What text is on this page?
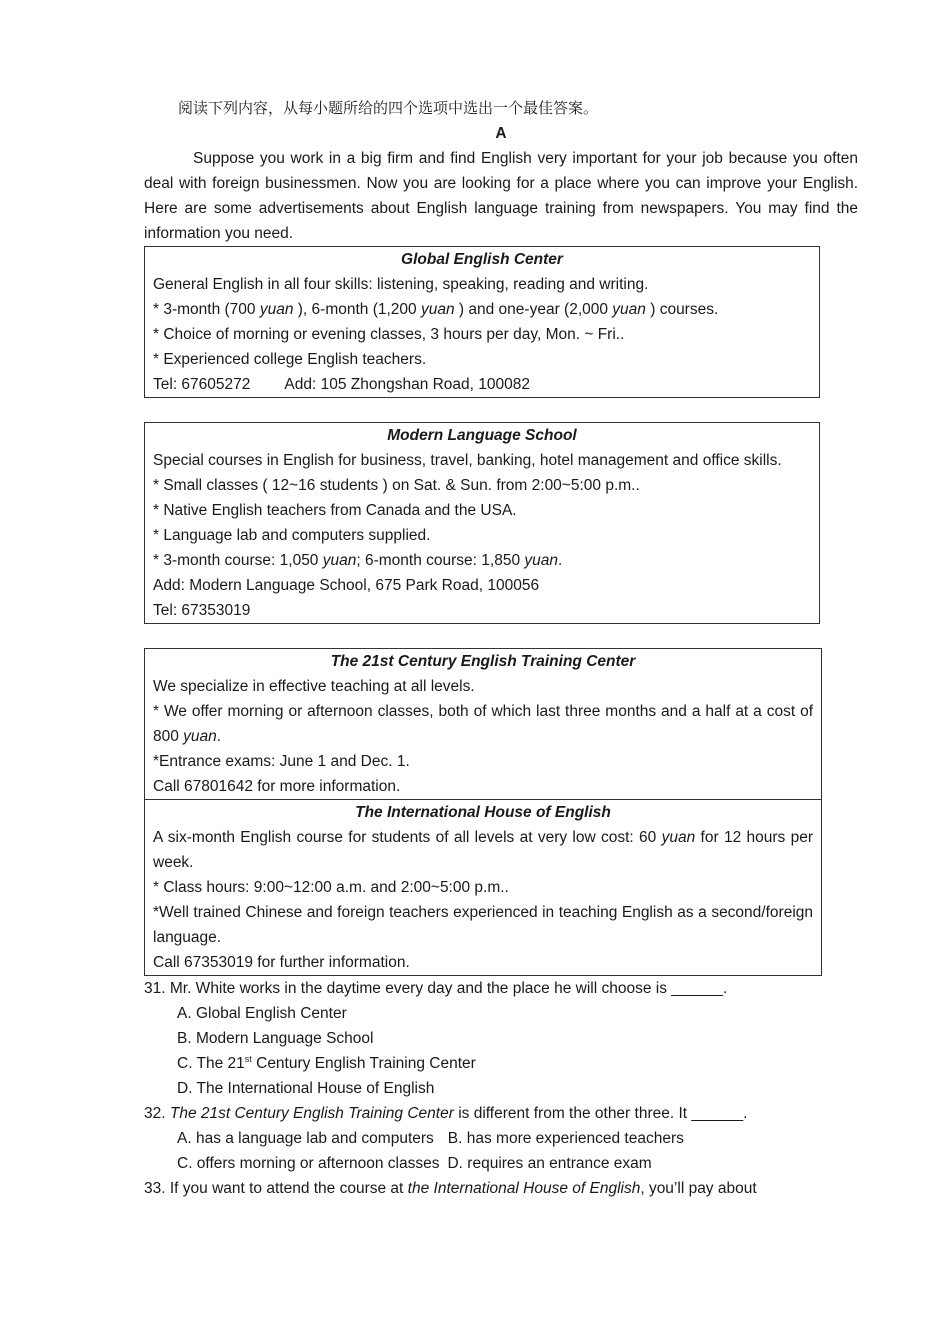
阅读下列内容，从每小题所给的四个选项中选出一个最佳答案。
A

Suppose you work in a big firm and find English very important for your job because you often deal with foreign businessmen. Now you are looking for a place where you can improve your English. Here are some advertisements about English language training from newspapers. You may find the information you need.

Global English Center
General English in all four skills: listening, speaking, reading and writing.
* 3-month (700 yuan ), 6-month (1,200 yuan ) and one-year (2,000 yuan ) courses.
* Choice of morning or evening classes, 3 hours per day, Mon. ~ Fri..
* Experienced college English teachers.
Tel: 67605272 Add: 105 Zhongshan Road, 100082
Modern Language School
Special courses in English for business, travel, banking, hotel management and office skills.
* Small classes ( 12~16 students ) on Sat. & Sun. from 2:00~5:00 p.m..
* Native English teachers from Canada and the USA.
* Language lab and computers supplied.
* 3-month course: 1,050 yuan; 6-month course: 1,850 yuan.
Add: Modern Language School, 675 Park Road, 100056
Tel: 67353019
The 21st Century English Training Center
We specialize in effective teaching at all levels.
* We offer morning or afternoon classes, both of which last three months and a half at a cost of 800 yuan.
*Entrance exams: June 1 and Dec. 1.
Call 67801642 for more information.
The International House of English
A six-month English course for students of all levels at very low cost: 60 yuan for 12 hours per week.
* Class hours: 9:00~12:00 a.m. and 2:00~5:00 p.m..
*Well trained Chinese and foreign teachers experienced in teaching English as a second/foreign language.
Call 67353019 for further information.
31. Mr. White works in the daytime every day and the place he will choose is ______.
A. Global English Center
B. Modern Language School
C. The 21st Century English Training Center
D. The International House of English
32. The 21st Century English Training Center is different from the other three. It ______.
A. has a language lab and computers B. has more experienced teachers
C. offers morning or afternoon classes D. requires an entrance exam
33. If you want to attend the course at the International House of English, you’ll pay about
